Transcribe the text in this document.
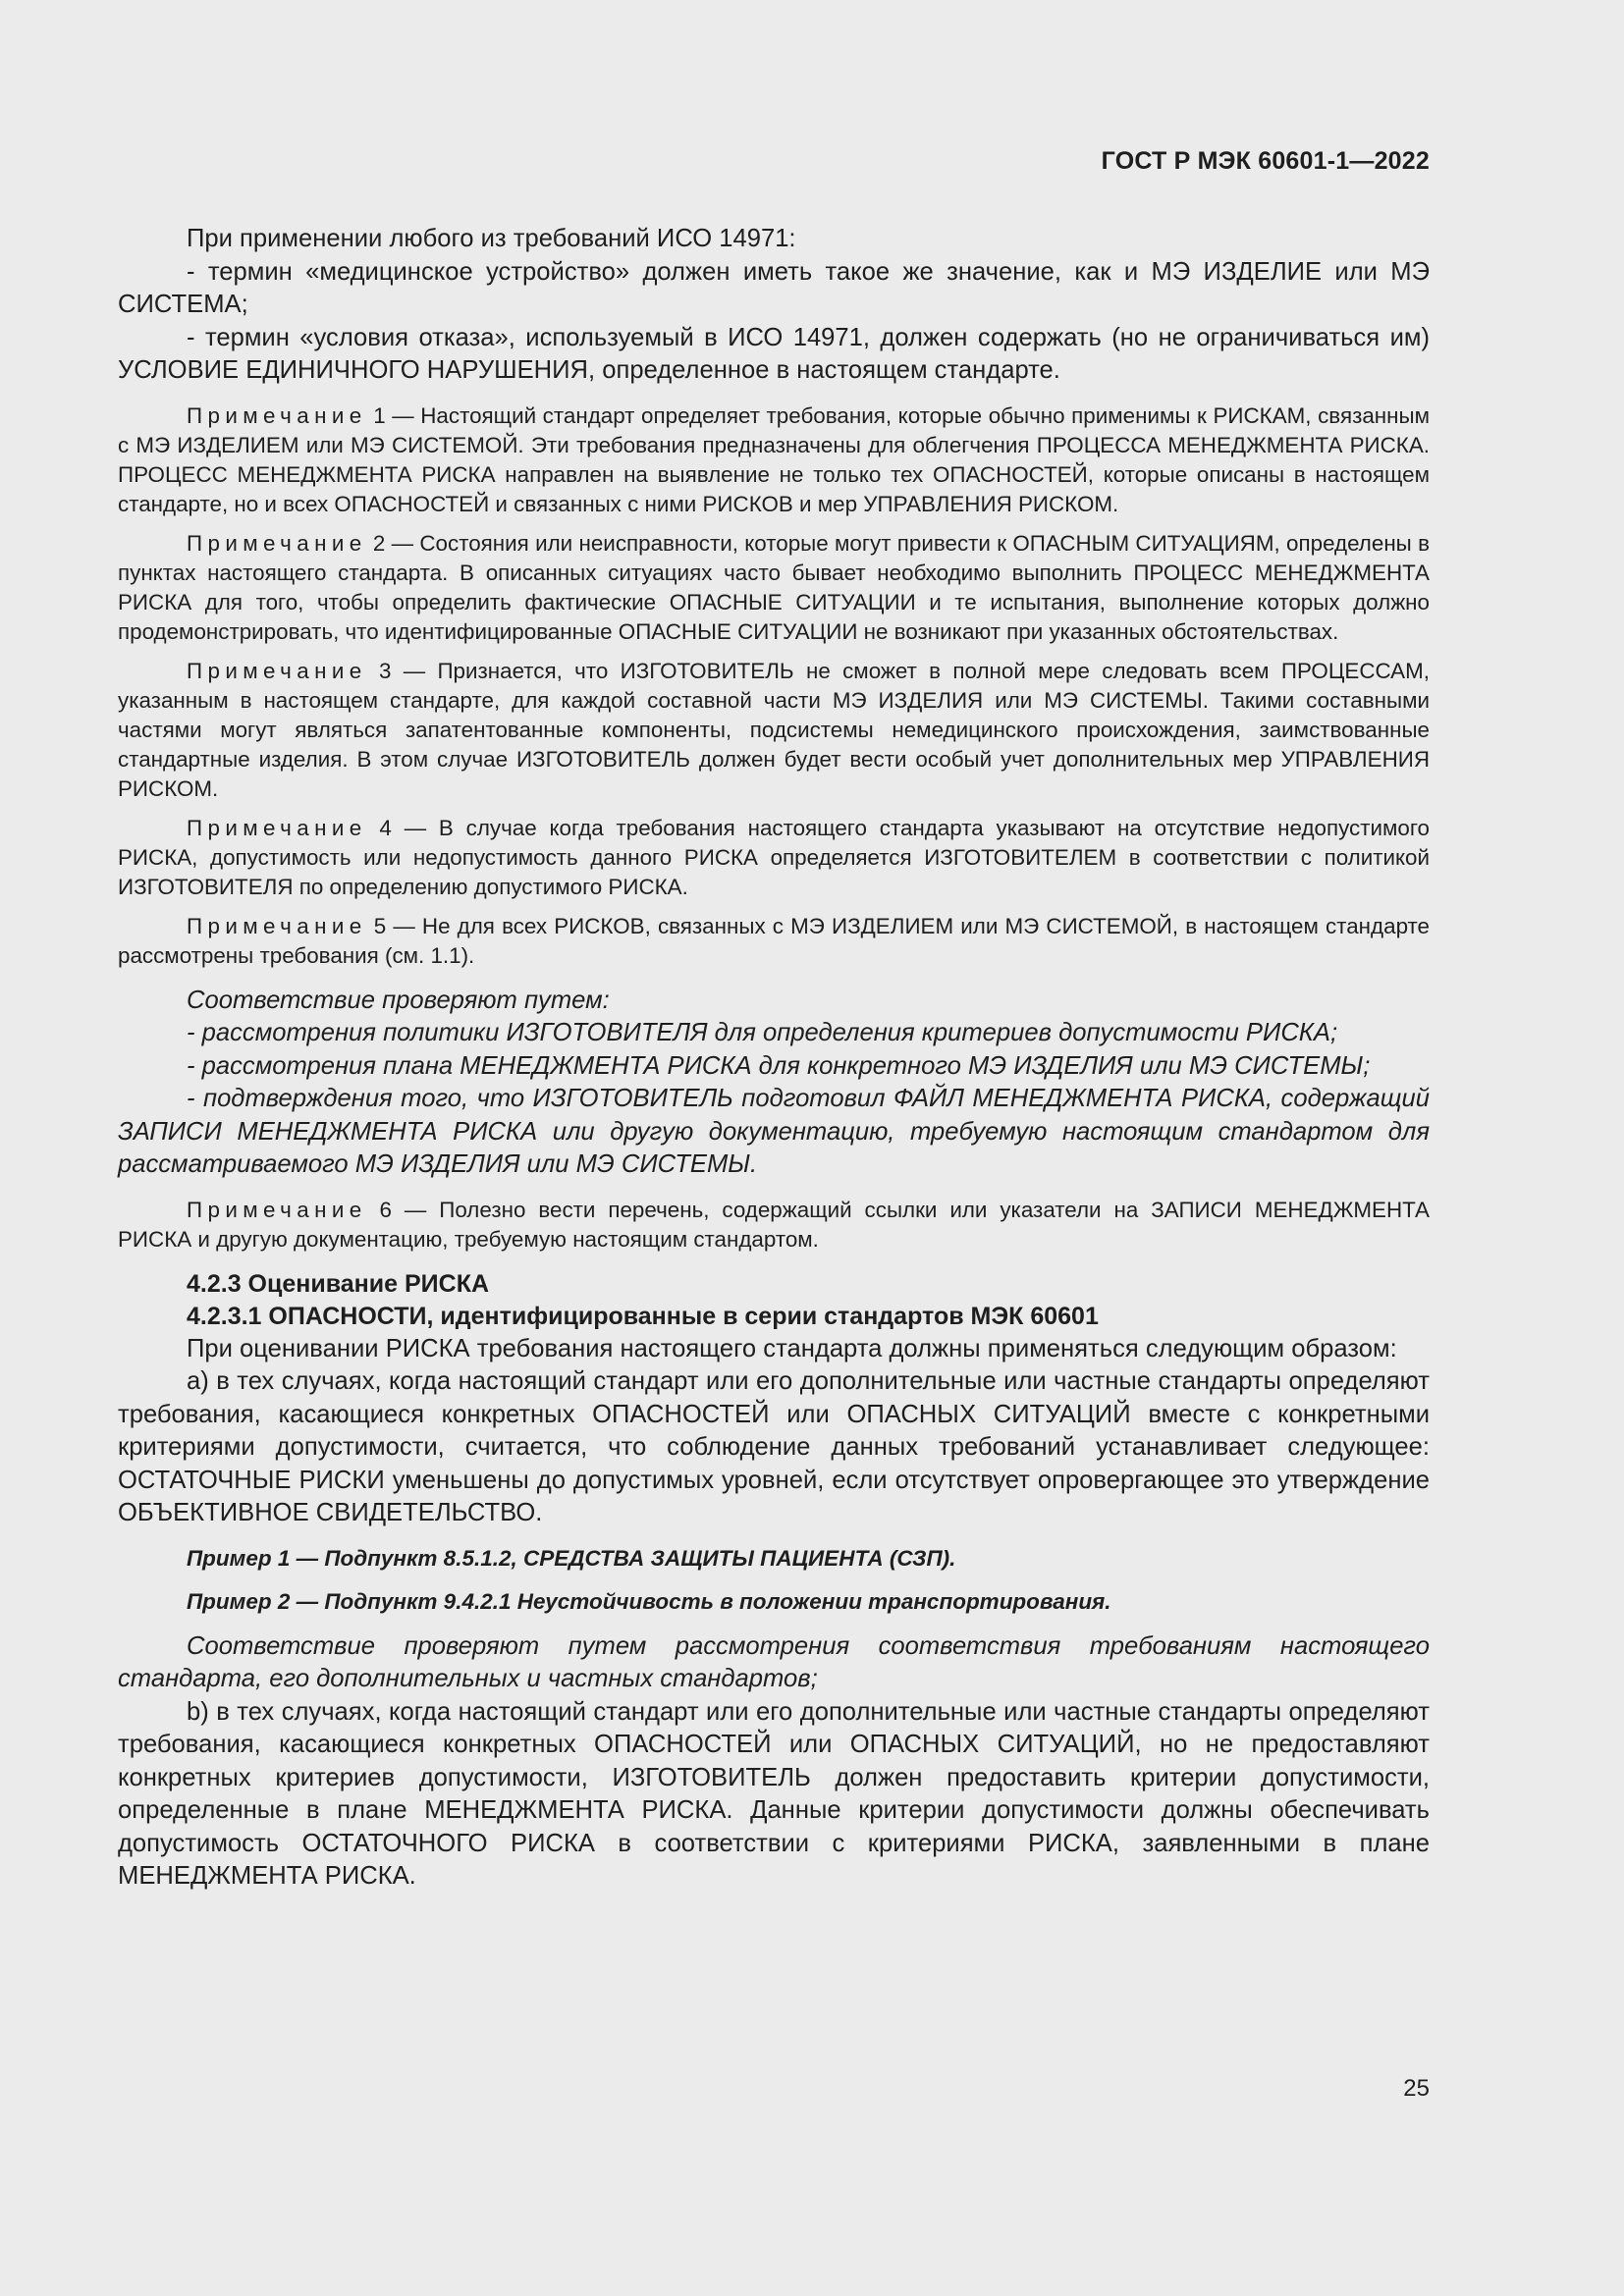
ГОСТ Р МЭК 60601-1—2022

При применении любого из требований ИСО 14971:

- термин «медицинское устройство» должен иметь такое же значение, как и МЭ ИЗДЕЛИЕ или МЭ СИСТЕМА;

- термин «условия отказа», используемый в ИСО 14971, должен содержать (но не ограничиваться им) УСЛОВИЕ ЕДИНИЧНОГО НАРУШЕНИЯ, определенное в настоящем стандарте.

Примечание 1 — Настоящий стандарт определяет требования, которые обычно применимы к РИСКАМ, связанным с МЭ ИЗДЕЛИЕМ или МЭ СИСТЕМОЙ. Эти требования предназначены для облегчения ПРОЦЕССА МЕНЕДЖМЕНТА РИСКА. ПРОЦЕСС МЕНЕДЖМЕНТА РИСКА направлен на выявление не только тех ОПАСНОСТЕЙ, которые описаны в настоящем стандарте, но и всех ОПАСНОСТЕЙ и связанных с ними РИСКОВ и мер УПРАВЛЕНИЯ РИСКОМ.

Примечание 2 — Состояния или неисправности, которые могут привести к ОПАСНЫМ СИТУАЦИЯМ, определены в пунктах настоящего стандарта. В описанных ситуациях часто бывает необходимо выполнить ПРОЦЕСС МЕНЕДЖМЕНТА РИСКА для того, чтобы определить фактические ОПАСНЫЕ СИТУАЦИИ и те испытания, выполнение которых должно продемонстрировать, что идентифицированные ОПАСНЫЕ СИТУАЦИИ не возникают при указанных обстоятельствах.

Примечание 3 — Признается, что ИЗГОТОВИТЕЛЬ не сможет в полной мере следовать всем ПРОЦЕССАМ, указанным в настоящем стандарте, для каждой составной части МЭ ИЗДЕЛИЯ или МЭ СИСТЕМЫ. Такими составными частями могут являться запатентованные компоненты, подсистемы немедицинского происхождения, заимствованные стандартные изделия. В этом случае ИЗГОТОВИТЕЛЬ должен будет вести особый учет дополнительных мер УПРАВЛЕНИЯ РИСКОМ.

Примечание 4 — В случае когда требования настоящего стандарта указывают на отсутствие недопустимого РИСКА, допустимость или недопустимость данного РИСКА определяется ИЗГОТОВИТЕЛЕМ в соответствии с политикой ИЗГОТОВИТЕЛЯ по определению допустимого РИСКА.

Примечание 5 — Не для всех РИСКОВ, связанных с МЭ ИЗДЕЛИЕМ или МЭ СИСТЕМОЙ, в настоящем стандарте рассмотрены требования (см. 1.1).

Соответствие проверяют путем:

- рассмотрения политики ИЗГОТОВИТЕЛЯ для определения критериев допустимости РИСКА;

- рассмотрения плана МЕНЕДЖМЕНТА РИСКА для конкретного МЭ ИЗДЕЛИЯ или МЭ СИСТЕМЫ;

- подтверждения того, что ИЗГОТОВИТЕЛЬ подготовил ФАЙЛ МЕНЕДЖМЕНТА РИСКА, содержащий ЗАПИСИ МЕНЕДЖМЕНТА РИСКА или другую документацию, требуемую настоящим стандартом для рассматриваемого МЭ ИЗДЕЛИЯ или МЭ СИСТЕМЫ.

Примечание 6 — Полезно вести перечень, содержащий ссылки или указатели на ЗАПИСИ МЕНЕДЖМЕНТА РИСКА и другую документацию, требуемую настоящим стандартом.

4.2.3 Оценивание РИСКА

4.2.3.1 ОПАСНОСТИ, идентифицированные в серии стандартов МЭК 60601

При оценивании РИСКА требования настоящего стандарта должны применяться следующим образом:

a) в тех случаях, когда настоящий стандарт или его дополнительные или частные стандарты определяют требования, касающиеся конкретных ОПАСНОСТЕЙ или ОПАСНЫХ СИТУАЦИЙ вместе с конкретными критериями допустимости, считается, что соблюдение данных требований устанавливает следующее: ОСТАТОЧНЫЕ РИСКИ уменьшены до допустимых уровней, если отсутствует опровергающее это утверждение ОБЪЕКТИВНОЕ СВИДЕТЕЛЬСТВО.

Пример 1 — Подпункт 8.5.1.2, СРЕДСТВА ЗАЩИТЫ ПАЦИЕНТА (СЗП).

Пример 2 — Подпункт 9.4.2.1 Неустойчивость в положении транспортирования.

Соответствие проверяют путем рассмотрения соответствия требованиям настоящего стандарта, его дополнительных и частных стандартов;

b) в тех случаях, когда настоящий стандарт или его дополнительные или частные стандарты определяют требования, касающиеся конкретных ОПАСНОСТЕЙ или ОПАСНЫХ СИТУАЦИЙ, но не предоставляют конкретных критериев допустимости, ИЗГОТОВИТЕЛЬ должен предоставить критерии допустимости, определенные в плане МЕНЕДЖМЕНТА РИСКА. Данные критерии допустимости должны обеспечивать допустимость ОСТАТОЧНОГО РИСКА в соответствии с критериями РИСКА, заявленными в плане МЕНЕДЖМЕНТА РИСКА.

25
